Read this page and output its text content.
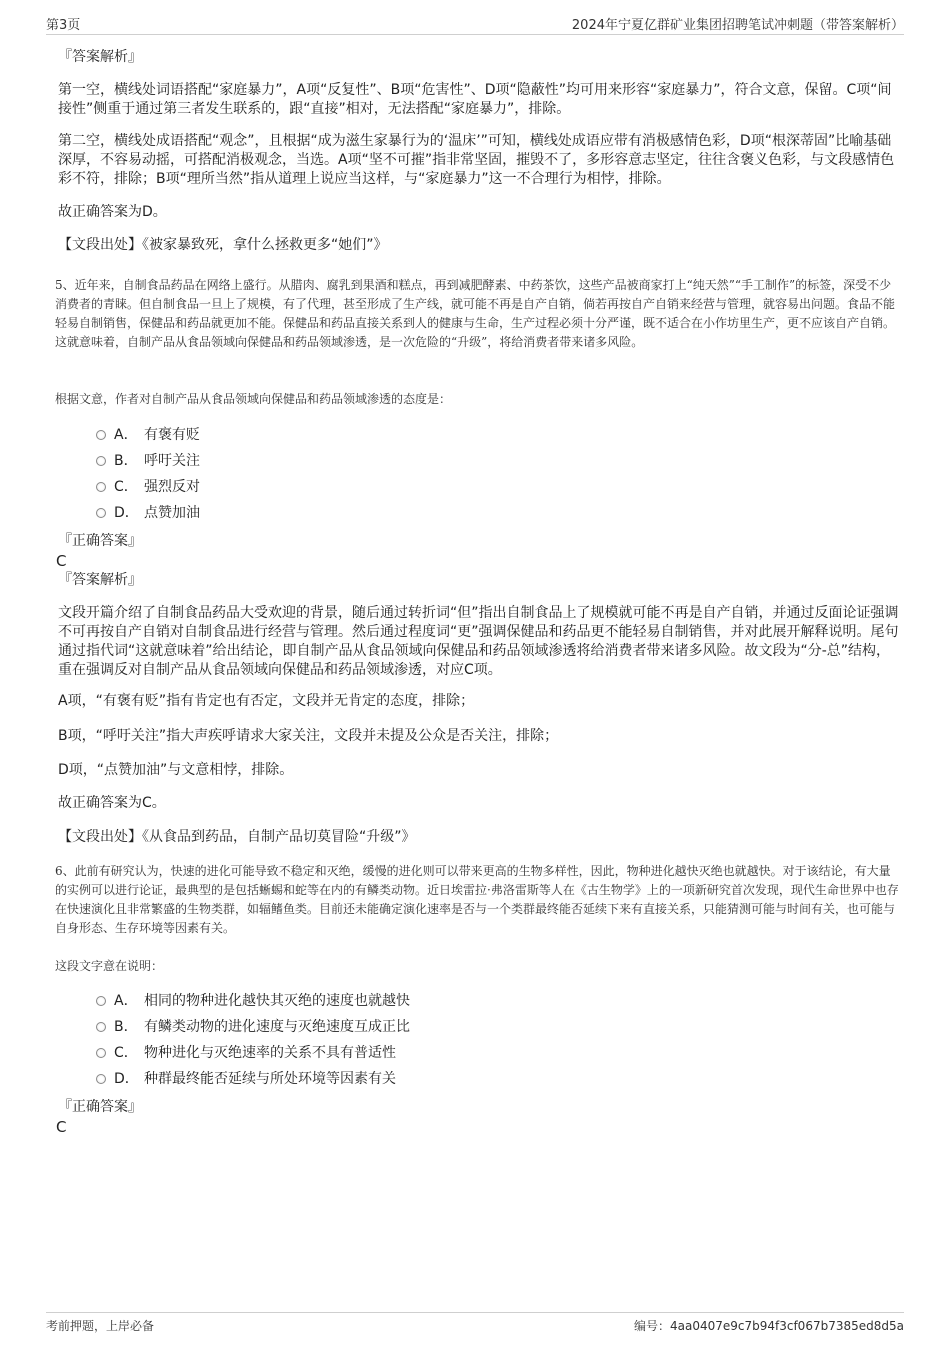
第3页	2024年宁夏亿群矿业集团招聘笔试冲刺题（带答案解析）

『答案解析』

第一空，横线处词语搭配“家庭暴力”，A项“反复性”、B项“危害性”、D项“隐蔽性”均可用来形容“家庭暴力”，符合文意，保留。C项“间接性”侧重于通过第三者发生联系的，跟“直接”相对，无法搭配“家庭暴力”，排除。

第二空，横线处成语搭配“观念”，且根据“成为滋生家暴行为的‘温床’”可知，横线处成语应带有消极感情色彩，D项“根深蒂固”比喻基础深厚，不容易动摇，可搭配消极观念，当选。A项“坚不可摧”指非常坚固，摧毁不了，多形容意志坚定，往往含褒义色彩，与文段感情色彩不符，排除；B项“理所当然”指从道理上说应当这样，与“家庭暴力”这一不合理行为相悖，排除。

故正确答案为D。

【文段出处】《被家暴致死，拿什么拯救更多“她们”》

5、近年来，自制食品药品在网络上盛行。从腊肉、腐乳到果酒和糕点，再到减肥酵素、中药茶饮，这些产品被商家打上“纯天然”“手工制作”的标签，深受不少消费者的青睐。但自制食品一旦上了规模，有了代理，甚至形成了生产线，就可能不再是自产自销，倘若再按自产自销来经营与管理，就容易出问题。食品不能轻易自制销售，保健品和药品就更加不能。保健品和药品直接关系到人的健康与生命，生产过程必须十分严谨，既不适合在小作坊里生产，更不应该自产自销。这就意味着，自制产品从食品领域向保健品和药品领域渗透，是一次危险的“升级”，将给消费者带来诸多风险。

根据文意，作者对自制产品从食品领域向保健品和药品领域渗透的态度是：

A． 有褒有贬
B． 呼吁关注
C． 强烈反对
D． 点赞加油

『正确答案』

C

『答案解析』

文段开篇介绍了自制食品药品大受欢迎的背景，随后通过转折词“但”指出自制食品上了规模就可能不再是自产自销，并通过反面论证强调不可再按自产自销对自制食品进行经营与管理。然后通过程度词“更”强调保健品和药品更不能轻易自制销售，并对此展开解释说明。尾句通过指代词“这就意味着”给出结论，即自制产品从食品领域向保健品和药品领域渗透将给消费者带来诸多风险。故文段为“分-总”结构，重在强调反对自制产品从食品领域向保健品和药品领域渗透，对应C项。

A项，“有褒有贬”指有肯定也有否定，文段并无肯定的态度，排除；

B项，“呼吁关注”指大声疾呼请求大家关注，文段并未提及公众是否关注，排除；

D项，“点赞加油”与文意相悖，排除。

故正确答案为C。

【文段出处】《从食品到药品，自制产品切莫冒险“升级”》

6、此前有研究认为，快速的进化可能导致不稳定和灭绝，缓慢的进化则可以带来更高的生物多样性，因此，物种进化越快灭绝也就越快。对于该结论，有大量的实例可以进行论证，最典型的是包括蜥蜴和蛇等在内的有鳞类动物。近日埃雷拉·弗洛雷斯等人在《古生物学》上的一项新研究首次发现，现代生命世界中也存在快速演化且非常繁盛的生物类群，如辐鳍鱼类。目前还未能确定演化速率是否与一个类群最终能否延续下来有直接关系，只能猜测可能与时间有关，也可能与自身形态、生存环境等因素有关。

这段文字意在说明：

A． 相同的物种进化越快其灭绝的速度也就越快
B． 有鳞类动物的进化速度与灭绝速度互成正比
C． 物种进化与灭绝速率的关系不具有普适性
D． 种群最终能否延续与所处环境等因素有关

『正确答案』

C
考前押题，上岸必备	编号：4aa0407e9c7b94f3cf067b7385ed8d5a
